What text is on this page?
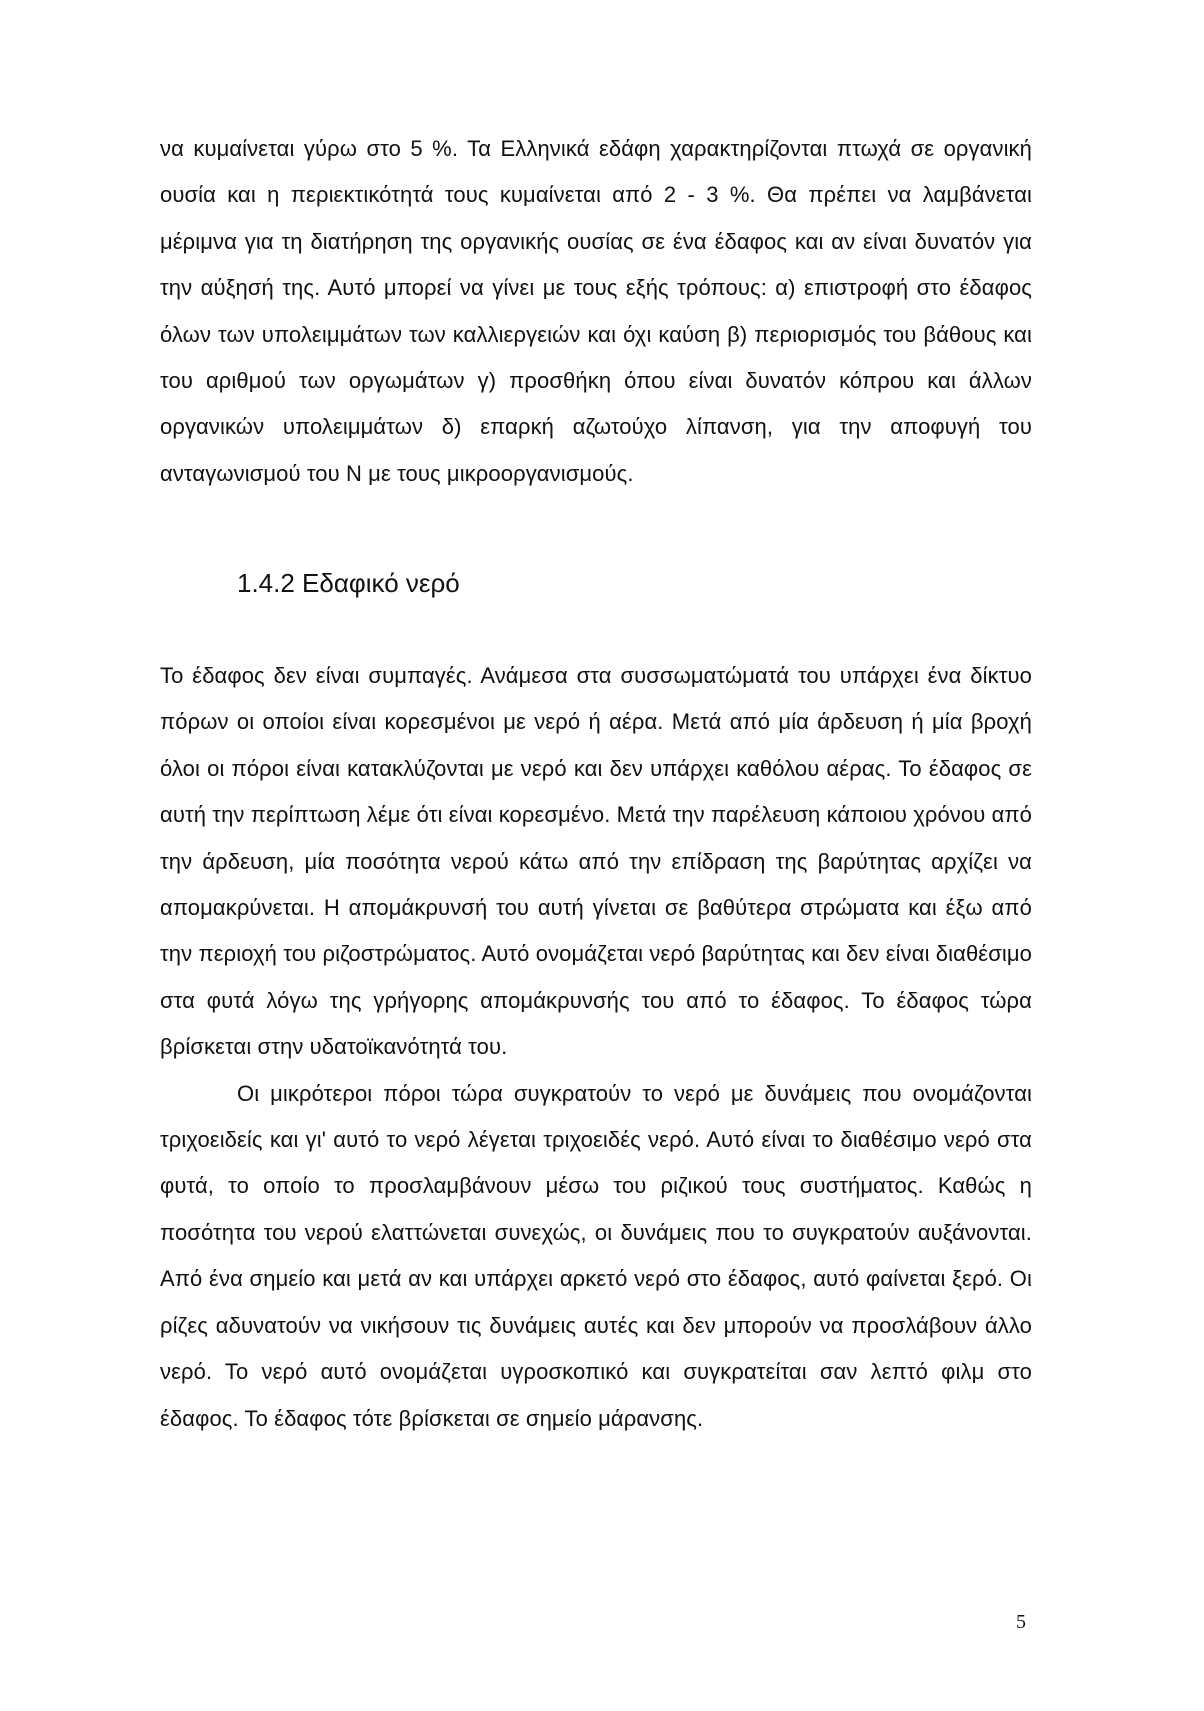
να κυμαίνεται γύρω στο 5 %. Τα Ελληνικά εδάφη χαρακτηρίζονται πτωχά σε οργανική ουσία και η περιεκτικότητά τους κυμαίνεται από 2 - 3 %. Θα πρέπει να λαμβάνεται μέριμνα για τη διατήρηση της οργανικής ουσίας σε ένα έδαφος και αν είναι δυνατόν για την αύξησή της. Αυτό μπορεί να γίνει με τους εξής τρόπους: α) επιστροφή στο έδαφος όλων των υπολειμμάτων των καλλιεργειών και όχι καύση β) περιορισμός του βάθους και του αριθμού των οργωμάτων γ) προσθήκη όπου είναι δυνατόν κόπρου και άλλων οργανικών υπολειμμάτων δ) επαρκή αζωτούχο λίπανση, για την αποφυγή του ανταγωνισμού του Ν με τους μικροοργανισμούς.

1.4.2 Εδαφικό νερό

Το έδαφος δεν είναι συμπαγές. Ανάμεσα στα συσσωματώματά του υπάρχει ένα δίκτυο πόρων οι οποίοι είναι κορεσμένοι με νερό ή αέρα. Μετά από μία άρδευση ή μία βροχή όλοι οι πόροι είναι κατακλύζονται με νερό και δεν υπάρχει καθόλου αέρας. Το έδαφος σε αυτή την περίπτωση λέμε ότι είναι κορεσμένο. Μετά την παρέλευση κάποιου χρόνου από την άρδευση, μία ποσότητα νερού κάτω από την επίδραση της βαρύτητας αρχίζει να απομακρύνεται. Η απομάκρυνσή του αυτή γίνεται σε βαθύτερα στρώματα και έξω από την περιοχή του ριζοστρώματος. Αυτό ονομάζεται νερό βαρύτητας και δεν είναι διαθέσιμο στα φυτά λόγω της γρήγορης απομάκρυνσής του από το έδαφος. Το έδαφος τώρα βρίσκεται στην υδατοϊκανότητά του.

Οι μικρότεροι πόροι τώρα συγκρατούν το νερό με δυνάμεις που ονομάζονται τριχοειδείς και γι' αυτό το νερό λέγεται τριχοειδές νερό. Αυτό είναι το διαθέσιμο νερό στα φυτά, το οποίο το προσλαμβάνουν μέσω του ριζικού τους συστήματος. Καθώς η ποσότητα του νερού ελαττώνεται συνεχώς, οι δυνάμεις που το συγκρατούν αυξάνονται. Από ένα σημείο και μετά αν και υπάρχει αρκετό νερό στο έδαφος, αυτό φαίνεται ξερό. Οι ρίζες αδυνατούν να νικήσουν τις δυνάμεις αυτές και δεν μπορούν να προσλάβουν άλλο νερό. Το νερό αυτό ονομάζεται υγροσκοπικό και συγκρατείται σαν λεπτό φιλμ στο έδαφος. Το έδαφος τότε βρίσκεται σε σημείο μάρανσης.

5
